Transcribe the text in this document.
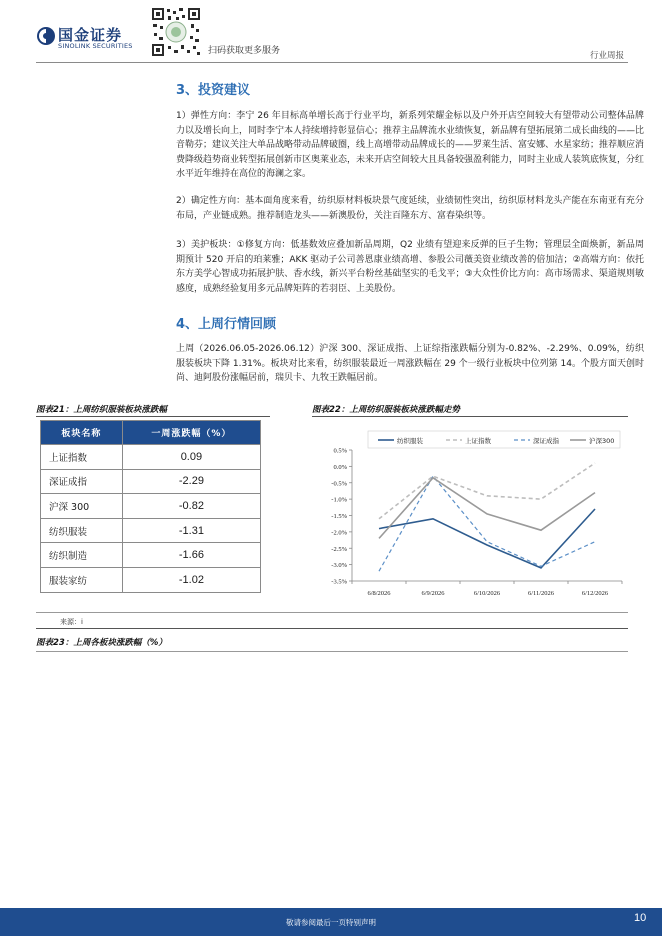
国金证券
SINOLINK SECURITIES	扫码获取更多服务	行业周报
3、投资建议
1）弹性方向：李宁 26 年目标高单增长高于行业平均，新系列荣耀金标以及户外开店空间较大有望带动公司整体品牌力以及增长向上，同时李宁本人持续增持彰显信心；推荐主品牌流水业绩恢复，新品牌有望拓展第二成长曲线的——比音勒芬；建议关注大单品战略带动品牌破圈，线上高增带动品牌成长的——罗莱生活、富安娜、水星家纺；推荐顺应消费降级趋势商业转型拓展创新市区奥莱业态，未来开店空间较大且具备较强盈利能力，同时主业成人装筑底恢复，分红水平近年维持在高位的海澜之家。
2）确定性方向：基本面角度来看，纺织原材料板块景气度延续，业绩韧性突出，纺织原材料龙头产能在东南亚有充分布局，产业链成熟。推荐制造龙头——新澳股份，关注百隆东方、富春染织等。
3）美护板块：①修复方向：低基数效应叠加新品周期，Q2 业绩有望迎来反弹的巨子生物；管理层全面焕新，新品周期预计 520 开启的珀莱雅；AKK 驱动子公司善恩康业绩高增、参股公司薇美资业绩改善的倍加洁；②高端方向：依托东方美学心智成功拓展护肤、香水线，新兴平台粉丝基础坚实的毛戈平；③大众性价比方向：高市场需求、渠道规则敏感度，成熟经验复用多元品牌矩阵的若羽臣、上美股份。
4、上周行情回顾
上周（2026.06.05-2026.06.12）沪深 300、深证成指、上证综指涨跌幅分别为-0.82%、-2.29%、0.09%，纺织服装板块下降 1.31%。板块对比来看，纺织服装最近一周涨跌幅在 29 个一级行业板块中位列第 14。个股方面天创时尚、迪阿股份涨幅居前，瑞贝卡、九牧王跌幅居前。
图表21：上周纺织服装板块涨跌幅
板块名称	一周涨跌幅（%）
上证指数	0.09
深证成指	-2.29
沪深 300	-0.82
纺织服装	-1.31
纺织制造	-1.66
服装家纺	-1.02
图表22：上周纺织服装板块涨跌幅走势
0.5%
0.0%
-0.5%
-1.0%
-1.5%
-2.0%
-2.5%
-3.0%
-3.5%
6/8/2026	6/9/2026	6/10/2026	6/11/2026	6/12/2026
纺织服装	上证指数	深证成指	沪深300
来源：i
图表23：上周各板块涨跌幅（%）
敬请参阅最后一页特别声明	10
